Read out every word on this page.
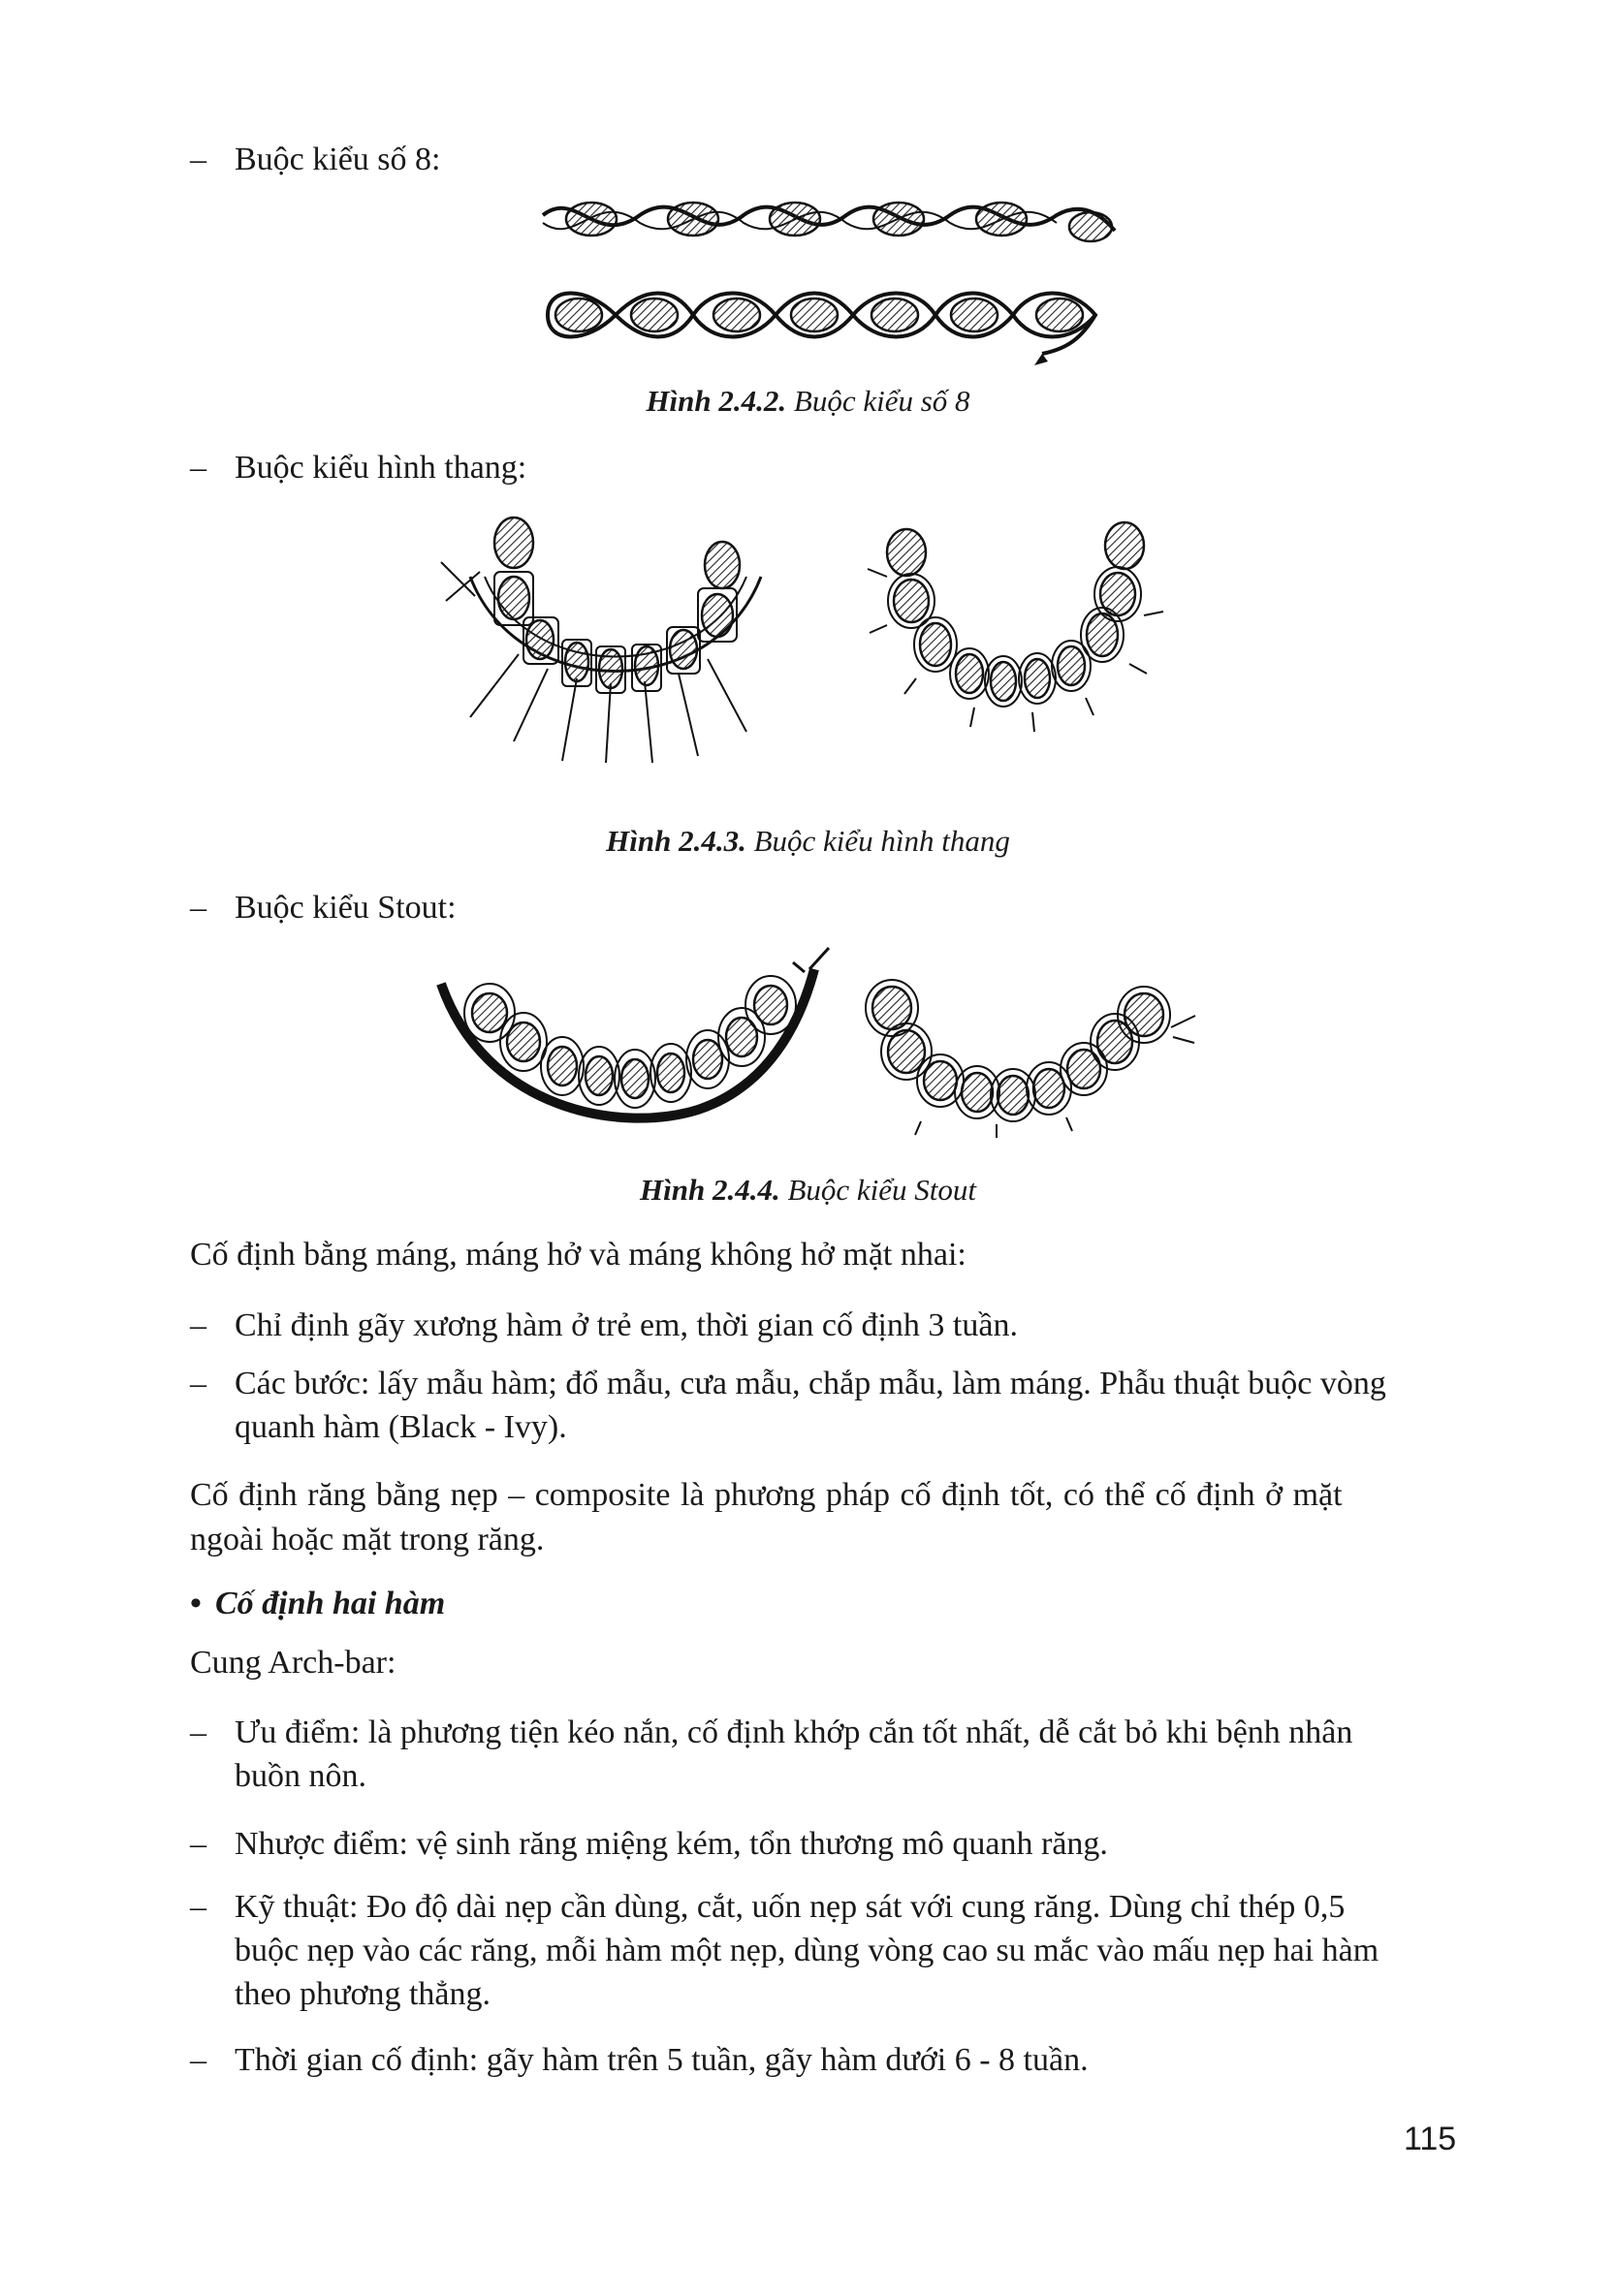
– Buộc kiểu số 8:
Hình 2.4.2. Buộc kiểu số 8
– Buộc kiểu hình thang:
Hình 2.4.3. Buộc kiểu hình thang
– Buộc kiểu Stout:
Hình 2.4.4. Buộc kiểu Stout
Cố định bằng máng, máng hở và máng không hở mặt nhai:
– Chỉ định gãy xương hàm ở trẻ em, thời gian cố định 3 tuần.
– Các bước: lấy mẫu hàm; đổ mẫu, cưa mẫu, chắp mẫu, làm máng. Phẫu thuật buộc vòng
quanh hàm (Black - Ivy).
Cố định răng bằng nẹp – composite là phương pháp cố định tốt, có thể cố định ở mặt
ngoài hoặc mặt trong răng.
• Cố định hai hàm
Cung Arch-bar:
– Ưu điểm: là phương tiện kéo nắn, cố định khớp cắn tốt nhất, dễ cắt bỏ khi bệnh nhân
buồn nôn.
– Nhược điểm: vệ sinh răng miệng kém, tổn thương mô quanh răng.
– Kỹ thuật: Đo độ dài nẹp cần dùng, cắt, uốn nẹp sát với cung răng. Dùng chỉ thép 0,5
buộc nẹp vào các răng, mỗi hàm một nẹp, dùng vòng cao su mắc vào mấu nẹp hai hàm
theo phương thẳng.
– Thời gian cố định: gãy hàm trên 5 tuần, gãy hàm dưới 6 - 8 tuần.
115
